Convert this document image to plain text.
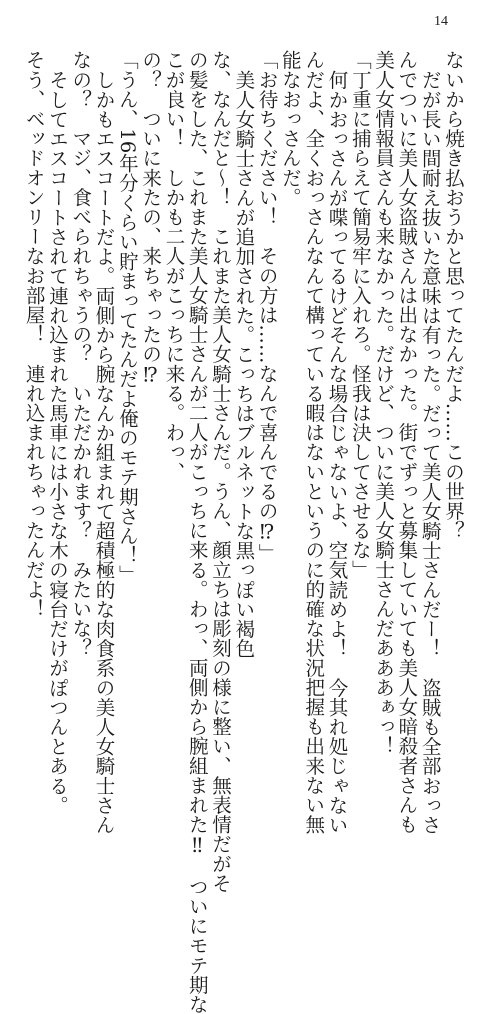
14

ないから焼き払おうかと思ってたんだよ……この世界？

だが長い間耐え抜いた意味は有った。だって美人女騎士さんだー！　盗賊も全部おっさ

んでついに美人女盗賊さんは出なかった。街でずっと募集していても美人女暗殺者さんも

美人女情報員さんも来なかった。だけど、ついに美人女騎士さんだあああぁっ！

「丁重に捕らえて簡易牢に入れろ。怪我は決してさせるな」

何かおっさんが喋ってるけどそんな場合じゃないよ、空気読めよ！　今其れ処じゃない

んだよ、全くおっさんなんて構っている暇はないというのに的確な状況把握も出来ない無

能なおっさんだ。

「お待ちください！　その方は……なんで喜んでるの⁉」

美人女騎士さんが追加された。こっちはブルネットな黒っぽい褐色

な、なんだと〜！　これまた美人女騎士さんだ。うん、顔立ちは彫刻の様に整い、無表情だがそ

の髪をした、これまた美人女騎士さんが二人がこっちに来る。わっ、両側から腕組まれた‼　ついにモテ期な

こが良い！　しかも二人がこっちに来る。わっ、

の？　ついに来たの、来ちゃったの⁉

「うん、16年分くらい貯まってたんだよ俺のモテ期さん！」

しかもエスコートだよ。両側から腕なんか組まれて超積極的な肉食系の美人女騎士さん

なの？　マジ、食べられちゃうの？　いただかれます？　みたいな？

そしてエスコートされて連れ込まれた馬車には小さな木の寝台だけがぽつんとある。

そう、ベッドオンリーなお部屋！　連れ込まれちゃったんだよ！
